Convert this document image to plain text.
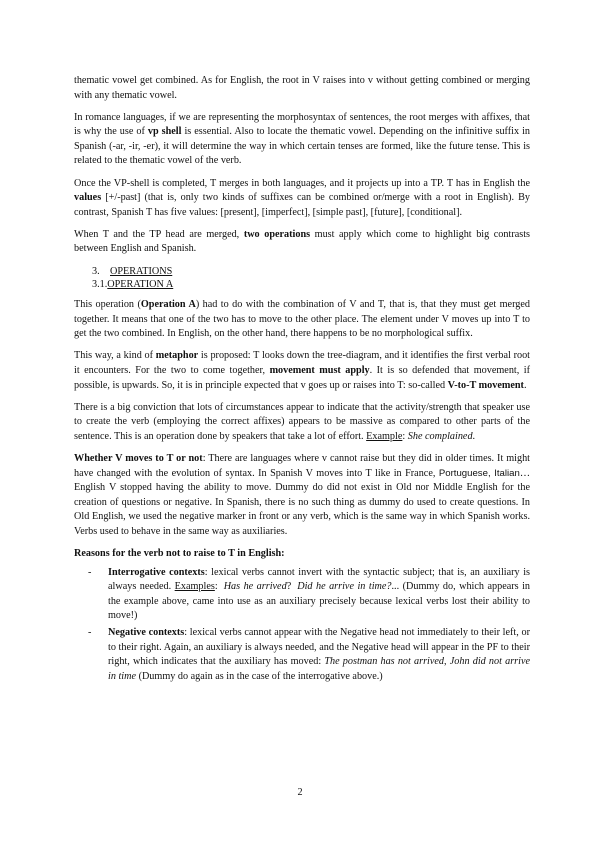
thematic vowel get combined. As for English, the root in V raises into v without getting combined or merging with any thematic vowel.

In romance languages, if we are representing the morphosyntax of sentences, the root merges with affixes, that is why the use of vp shell is essential. Also to locate the thematic vowel. Depending on the infinitive suffix in Spanish (-ar, -ir, -er), it will determine the way in which certain tenses are formed, like the future tense. This is related to the thematic vowel of the verb.

Once the VP-shell is completed, T merges in both languages, and it projects up into a TP. T has in English the values [+/-past] (that is, only two kinds of suffixes can be combined or/merge with a root in English). By contrast, Spanish T has five values: [present], [imperfect], [simple past], [future], [conditional].

When T and the TP head are merged, two operations must apply which come to highlight big contrasts between English and Spanish.

3. OPERATIONS
3.1.OPERATION A

This operation (Operation A) had to do with the combination of V and T, that is, that they must get merged together. It means that one of the two has to move to the other place. The element under V moves up into T to get the two combined. In English, on the other hand, there happens to be no morphological suffix.

This way, a kind of metaphor is proposed: T looks down the tree-diagram, and it identifies the first verbal root it encounters. For the two to come together, movement must apply. It is so defended that movement, if possible, is upwards. So, it is in principle expected that v goes up or raises into T: so-called V-to-T movement.

There is a big conviction that lots of circumstances appear to indicate that the activity/strength that speaker use to create the verb (employing the correct affixes) appears to be massive as compared to other parts of the sentence. This is an operation done by speakers that take a lot of effort. Example: She complained.

Whether V moves to T or not: There are languages where v cannot raise but they did in older times. It might have changed with the evolution of syntax. In Spanish V moves into T like in France, Portuguese, Italian… English V stopped having the ability to move. Dummy do did not exist in Old nor Middle English for the creation of questions or negative. In Spanish, there is no such thing as dummy do used to create questions. In Old English, we used the negative marker in front or any verb, which is the same way in which Spanish works. Verbs used to behave in the same way as auxiliaries.

Reasons for the verb not to raise to T in English:

- Interrogative contexts: lexical verbs cannot invert with the syntactic subject; that is, an auxiliary is always needed. Examples: Has he arrived? Did he arrive in time?... (Dummy do, which appears in the example above, came into use as an auxiliary precisely because lexical verbs lost their ability to move!)
- Negative contexts: lexical verbs cannot appear with the Negative head not immediately to their left, or to their right. Again, an auxiliary is always needed, and the Negative head will appear in the PF to their right, which indicates that the auxiliary has moved: The postman has not arrived, John did not arrive in time (Dummy do again as in the case of the interrogative above.)
2
